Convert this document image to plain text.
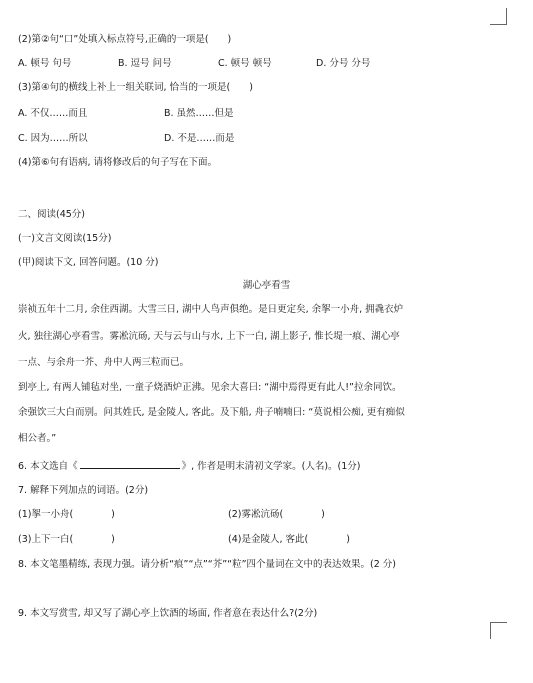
(2)第②句“口”处填入标点符号,正确的一项是(　　)
A. 顿号 句号	B. 逗号 问号	C. 顿号 顿号	D. 分号 分号
(3)第④句的横线上补上一组关联词, 恰当的一项是(　　)
A. 不仅……而且	B. 虽然……但是
C. 因为……所以	D. 不是……而是
(4)第⑥句有语病, 请将修改后的句子写在下面。
二、阅读(45分)
(一)文言文阅读(15分)
(甲)阅读下文, 回答问题。(10 分)
湖心亭看雪
崇祯五年十二月, 余住西湖。大雪三日, 湖中人鸟声俱绝。是日更定矣, 余挐一小舟, 拥毳衣炉
火, 独往湖心亭看雪。雾凇沆砀, 天与云与山与水, 上下一白, 湖上影子, 惟长堤一痕、湖心亭
一点、与余舟一芥、舟中人两三粒而已。
到亭上, 有两人铺毡对坐, 一童子烧酒炉正沸。见余大喜曰: “湖中焉得更有此人!”拉余同饮。
余强饮三大白而别。问其姓氏, 是金陵人, 客此。及下船, 舟子喃喃曰: “莫说相公痴, 更有痴似
相公者。”
6. 本文选自《	》, 作者是明末清初文学家。(人名)。(1分)
7. 解释下列加点的词语。(2分)
(1)挐一小舟(　　　　)	(2)雾凇沆砀(　　　　)
(3)上下一白(　　　　)	(4)是金陵人, 客此(　　　　)
8. 本文笔墨精练, 表现力强。请分析“痕”“点”“芥”“粒”四个量词在文中的表达效果。(2 分)
9. 本文写赏雪, 却又写了湖心亭上饮酒的场面, 作者意在表达什么?(2分)
